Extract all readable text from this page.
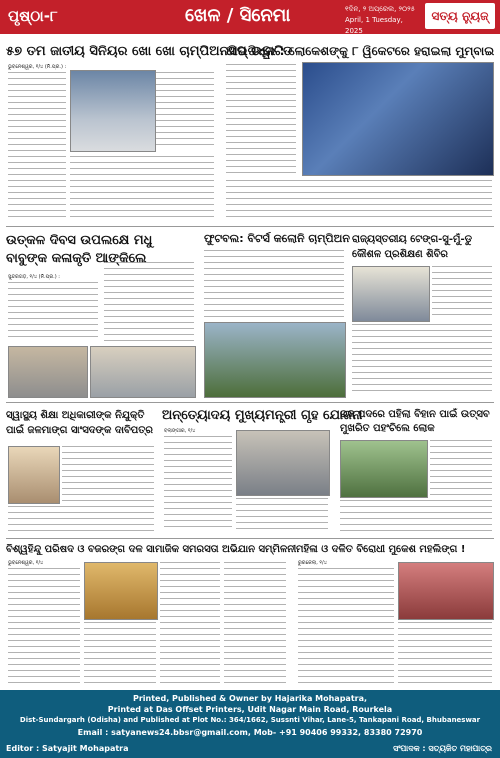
ପୃଷ୍ଠା-୮	ଖେଳ / ସିନେମା	୧ଦିନ, ୨ ଅପ୍ରେଲ, ୨୦୨୫
April, 1 Tuesday, 2025
ସତ୍ୟ ନ୍ୟୁଜ୍
୫୭ ତମ ଜାତୀୟ ସିନିୟର ଖୋ ଖୋ ଚାମ୍ପିଅନସିପ୍ ଉଦ୍ଘାଟିତ
ଭୁବନେଶ୍ୱର, ୧/୪ (ନି.ପ୍ର.) :
ଆଇପିଏଲ : ଲୋକେଶଙ୍କୁ ୮ ୱିକେଟରେ ହରାଇଲା ମୁମ୍ବାଇ
ଉତ୍କଳ ଦିବସ ଉପଲକ୍ଷେ ମଧୁ ବାବୁଙ୍କ କଳାକୃତି ଆଙ୍କିଲେ
ସୁନ୍ଦରଗଡ଼, ୧/୪ (ନି.ପ୍ର.) :
ଫୁଟବଲ: ବିଟର୍ସ କଲୋନି ଚାମ୍ପିଅନ ରାଜ୍ୟସ୍ତରୀୟ ଟେଙ୍ଗ-ସୁ-ମୁଁ-ଡୁ କୌଶଳ ପ୍ରଶିକ୍ଷଣ ଶିବିର
ସ୍ୱାସ୍ଥ୍ୟ ଶିକ୍ଷା ଅଧିକାରୀଙ୍କ ନିଯୁକ୍ତି ପାଇଁ ଜଳମାଙ୍ଗ ସାଂସଦଙ୍କ ଦାବିପତ୍ର
ଅନ୍ତ୍ୟୋଦୟ ମୁଖ୍ୟମନ୍ତ୍ରୀ ଗୃହ ଯୋଜନା
ବଲାଙ୍ଗୀର, ୧/୪
ରଜ ପଦରେ ପହିଲା ବିହାନ ପାଇଁ ଉତ୍ସବ ମୁଖରିତ ପହଂଚିଲେ ଲୋକ
ବିଶ୍ୱହିନ୍ଦୁ ପରିଷଦ ଓ ବଜରଙ୍ଗ ଦଳ ସାମାଜିକ ସମରସତା ଅଭିଯାନ ସମ୍ମିଳନୀ
ଭୁବନେଶ୍ୱର, ୧/୪
ମହିଳା ଓ ଦଳିତ ବିରୋଧୀ ମୁକେଶ ମହଲିଙ୍ଗ !
ରୁରକେଲା, ୧/୪
Printed, Published & Owner by Hajarika Mohapatra,
Printed at Das Offset Printers, Udit Nagar Main Road, Rourkela
Dist-Sundargarh (Odisha) and Published at Plot No.: 364/1662, Sussnti Vihar, Lane-5, Tankapani Road, Bhubaneswar
Email : satyanews24.bbsr@gmail.com, Mob- +91 90406 99332, 83380 72970
Editor : Satyajit Mohapatra	ସଂପାଦକ : ସତ୍ୟଜିତ ମହାପାତ୍ର
